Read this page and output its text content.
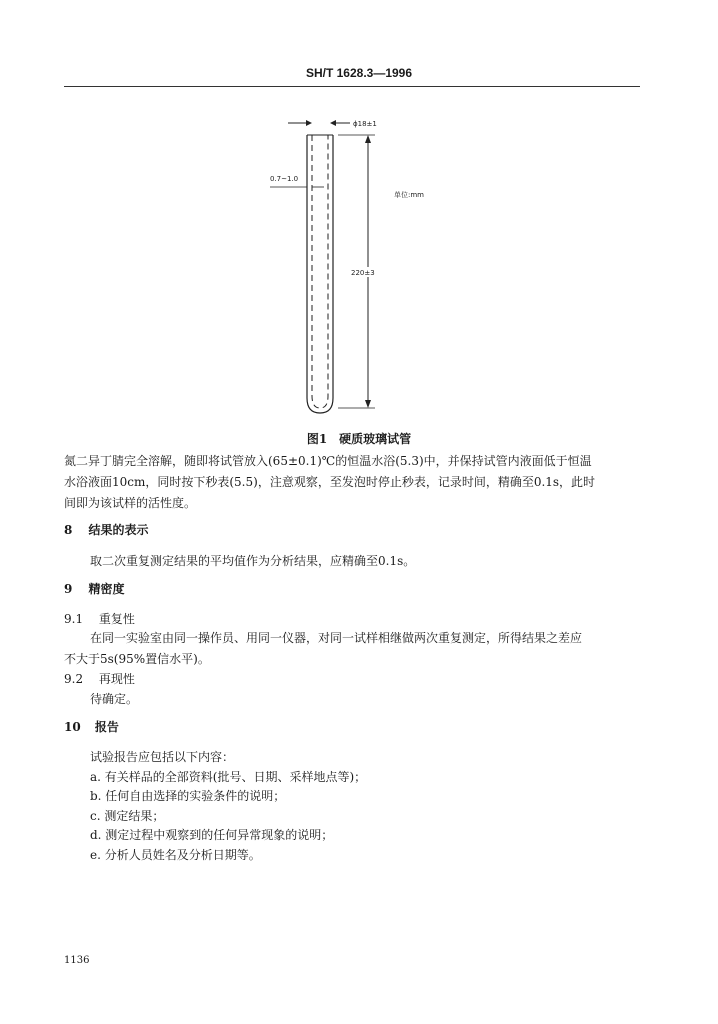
SH/T 1628.3—1996
ϕ18±1
0.7~1.0
220±3
单位:mm
图1　硬质玻璃试管
氮二异丁腈完全溶解，随即将试管放入(65±0.1)℃的恒温水浴(5.3)中，并保持试管内液面低于恒温
水浴液面10cm，同时按下秒表(5.5)，注意观察，至发泡时停止秒表，记录时间，精确至0.1s，此时
间即为该试样的活性度。
8 结果的表示
取二次重复测定结果的平均值作为分析结果，应精确至0.1s。
9 精密度
9.1 重复性
在同一实验室由同一操作员、用同一仪器，对同一试样相继做两次重复测定，所得结果之差应
不大于5s(95%置信水平)。
9.2 再现性
待确定。
10 报告
试验报告应包括以下内容：
a. 有关样品的全部资料(批号、日期、采样地点等)；
b. 任何自由选择的实验条件的说明；
c. 测定结果；
d. 测定过程中观察到的任何异常现象的说明；
e. 分析人员姓名及分析日期等。
1136
